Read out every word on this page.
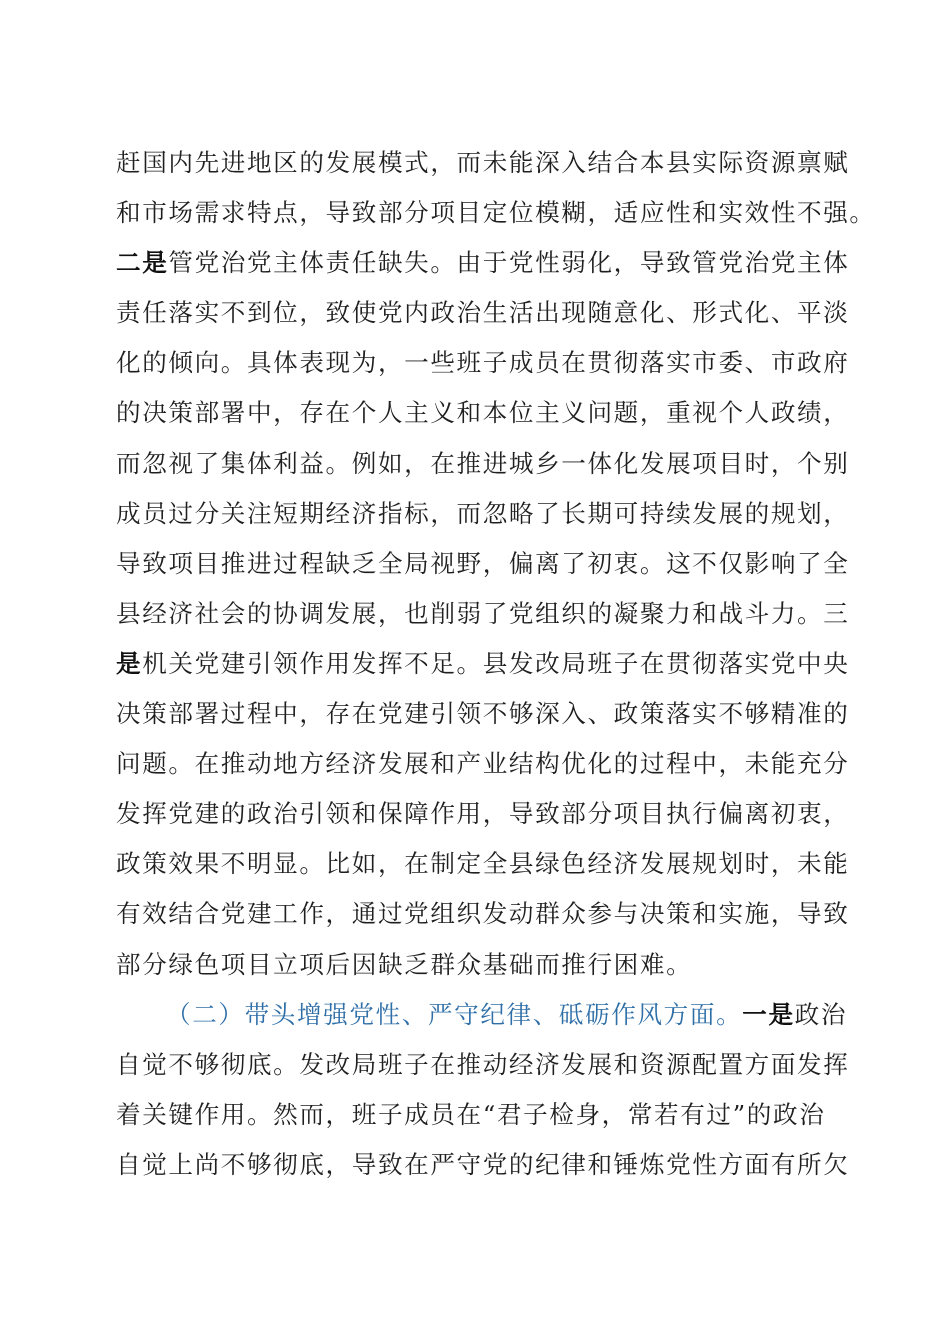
赶国内先进地区的发展模式，而未能深入结合本县实际资源禀赋
和市场需求特点，导致部分项目定位模糊，适应性和实效性不强。
二是管党治党主体责任缺失。由于党性弱化，导致管党治党主体
责任落实不到位，致使党内政治生活出现随意化、形式化、平淡
化的倾向。具体表现为，一些班子成员在贯彻落实市委、市政府
的决策部署中，存在个人主义和本位主义问题，重视个人政绩，
而忽视了集体利益。例如，在推进城乡一体化发展项目时，个别
成员过分关注短期经济指标，而忽略了长期可持续发展的规划，
导致项目推进过程缺乏全局视野，偏离了初衷。这不仅影响了全
县经济社会的协调发展，也削弱了党组织的凝聚力和战斗力。三
是机关党建引领作用发挥不足。县发改局班子在贯彻落实党中央
决策部署过程中，存在党建引领不够深入、政策落实不够精准的
问题。在推动地方经济发展和产业结构优化的过程中，未能充分
发挥党建的政治引领和保障作用，导致部分项目执行偏离初衷，
政策效果不明显。比如，在制定全县绿色经济发展规划时，未能
有效结合党建工作，通过党组织发动群众参与决策和实施，导致
部分绿色项目立项后因缺乏群众基础而推行困难。
（二）带头增强党性、严守纪律、砥砺作风方面。一是政治
自觉不够彻底。发改局班子在推动经济发展和资源配置方面发挥
着关键作用。然而，班子成员在“君子检身，常若有过”的政治
自觉上尚不够彻底，导致在严守党的纪律和锤炼党性方面有所欠
